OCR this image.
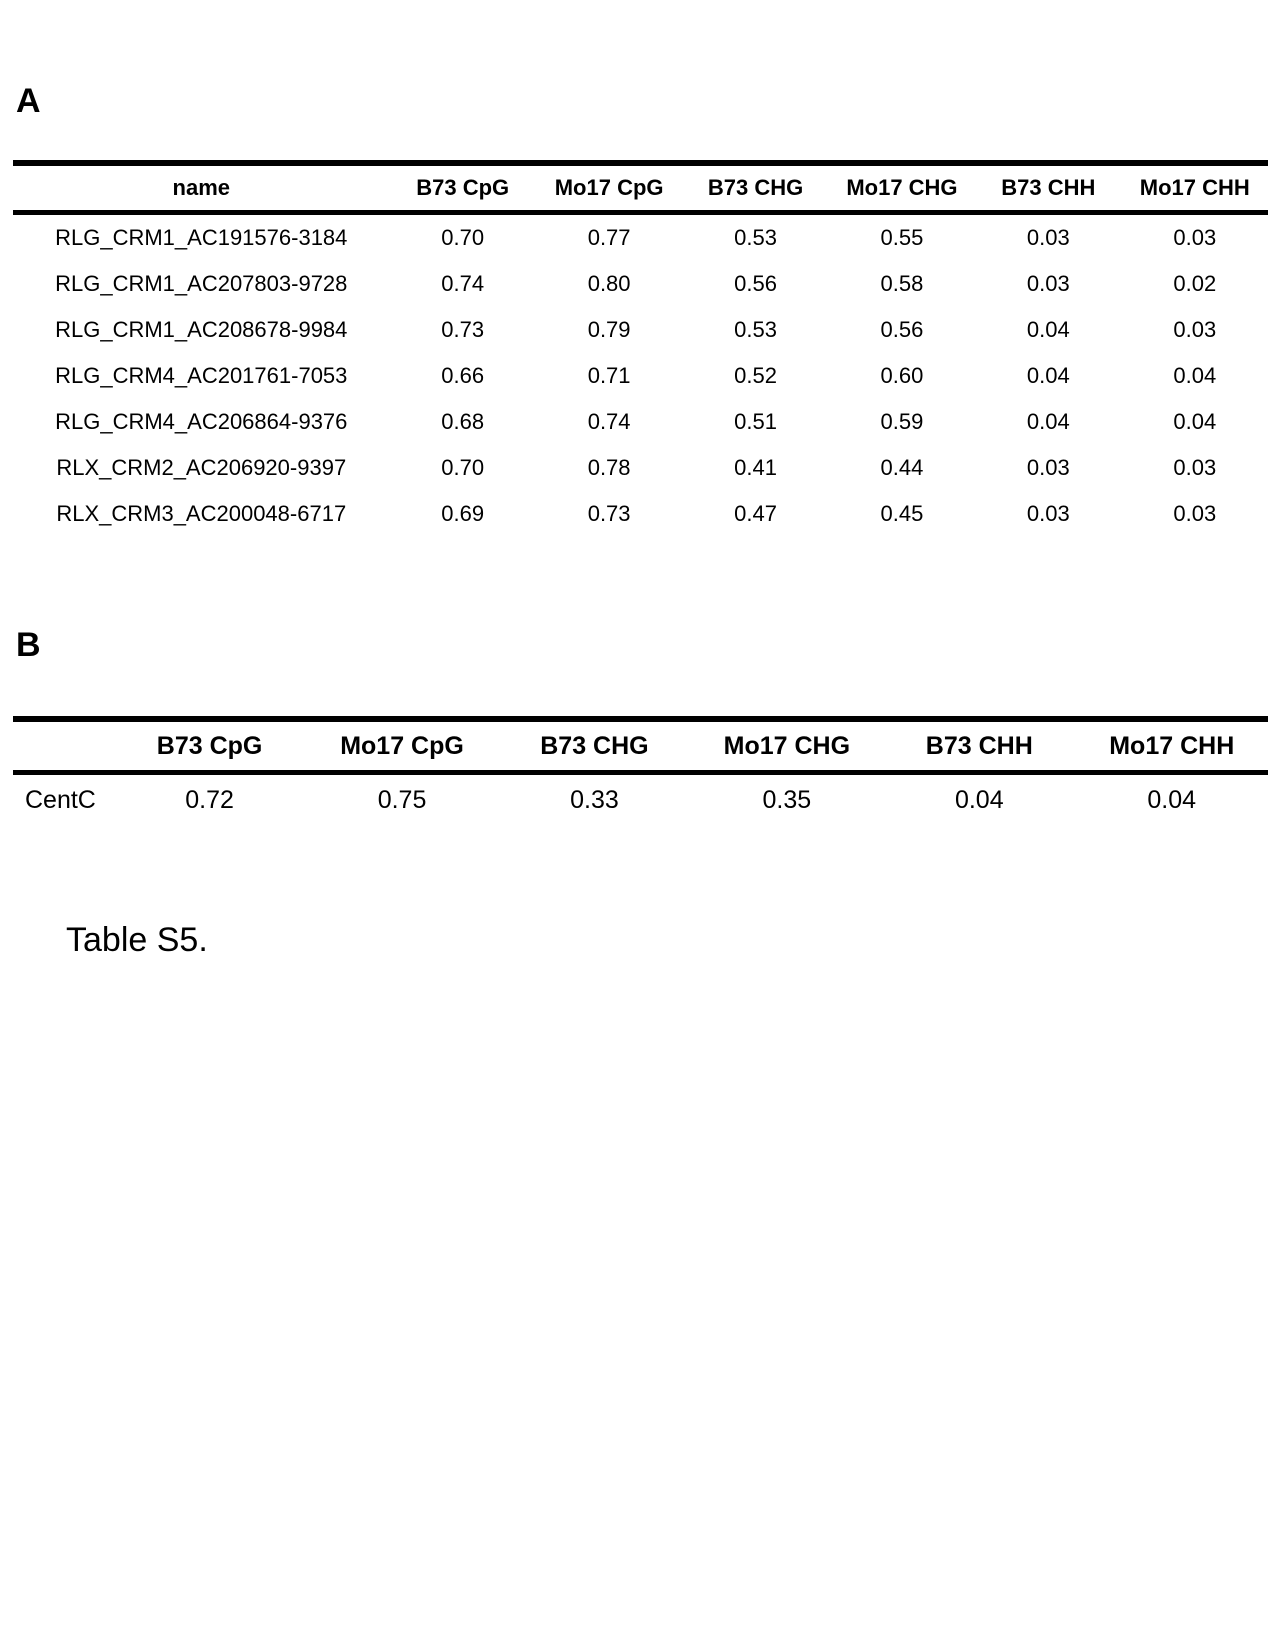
A
name	B73 CpG	Mo17 CpG	B73 CHG	Mo17 CHG	B73 CHH	Mo17 CHH
RLG_CRM1_AC191576-3184	0.70	0.77	0.53	0.55	0.03	0.03
RLG_CRM1_AC207803-9728	0.74	0.80	0.56	0.58	0.03	0.02
RLG_CRM1_AC208678-9984	0.73	0.79	0.53	0.56	0.04	0.03
RLG_CRM4_AC201761-7053	0.66	0.71	0.52	0.60	0.04	0.04
RLG_CRM4_AC206864-9376	0.68	0.74	0.51	0.59	0.04	0.04
RLX_CRM2_AC206920-9397	0.70	0.78	0.41	0.44	0.03	0.03
RLX_CRM3_AC200048-6717	0.69	0.73	0.47	0.45	0.03	0.03
B
	B73 CpG	Mo17 CpG	B73 CHG	Mo17 CHG	B73 CHH	Mo17 CHH
CentC	0.72	0.75	0.33	0.35	0.04	0.04
Table S5.
